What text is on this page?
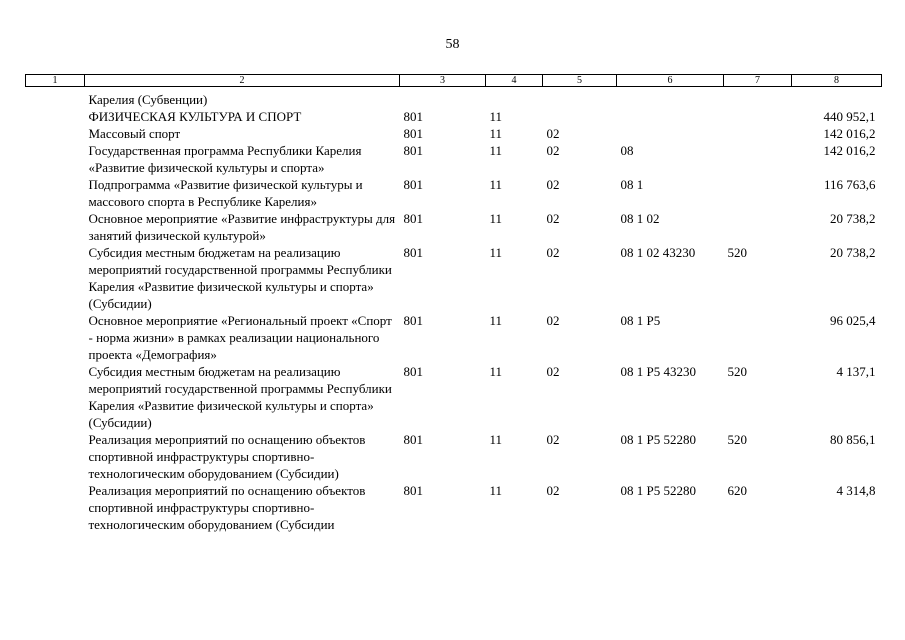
58
1	2	3	4	5	6	7	8
	Карелия (Субвенции)						
	ФИЗИЧЕСКАЯ КУЛЬТУРА И СПОРТ	801	11				440 952,1
	Массовый спорт	801	11	02			142 016,2
	Государственная программа Республики Карелия «Развитие физической культуры и спорта»	801	11	02	08		142 016,2
	Подпрограмма «Развитие физической культуры и массового спорта в Республике Карелия»	801	11	02	08 1		116 763,6
	Основное мероприятие «Развитие инфраструктуры для занятий физической культурой»	801	11	02	08 1 02		20 738,2
	Субсидия местным бюджетам на реализацию мероприятий государственной программы Республики Карелия «Развитие физической культуры и спорта» (Субсидии)	801	11	02	08 1 02 43230	520	20 738,2
	Основное мероприятие «Региональный проект «Спорт - норма жизни» в рамках реализации национального проекта «Демография»	801	11	02	08 1 P5		96 025,4
	Субсидия местным бюджетам на реализацию мероприятий государственной программы Республики Карелия «Развитие физической культуры и спорта» (Субсидии)	801	11	02	08 1 P5 43230	520	4 137,1
	Реализация мероприятий по оснащению объектов спортивной инфраструктуры спортивно-технологическим оборудованием (Субсидии)	801	11	02	08 1 P5 52280	520	80 856,1
	Реализация мероприятий по оснащению объектов спортивной инфраструктуры спортивно-технологическим оборудованием (Субсидии	801	11	02	08 1 P5 52280	620	4 314,8
